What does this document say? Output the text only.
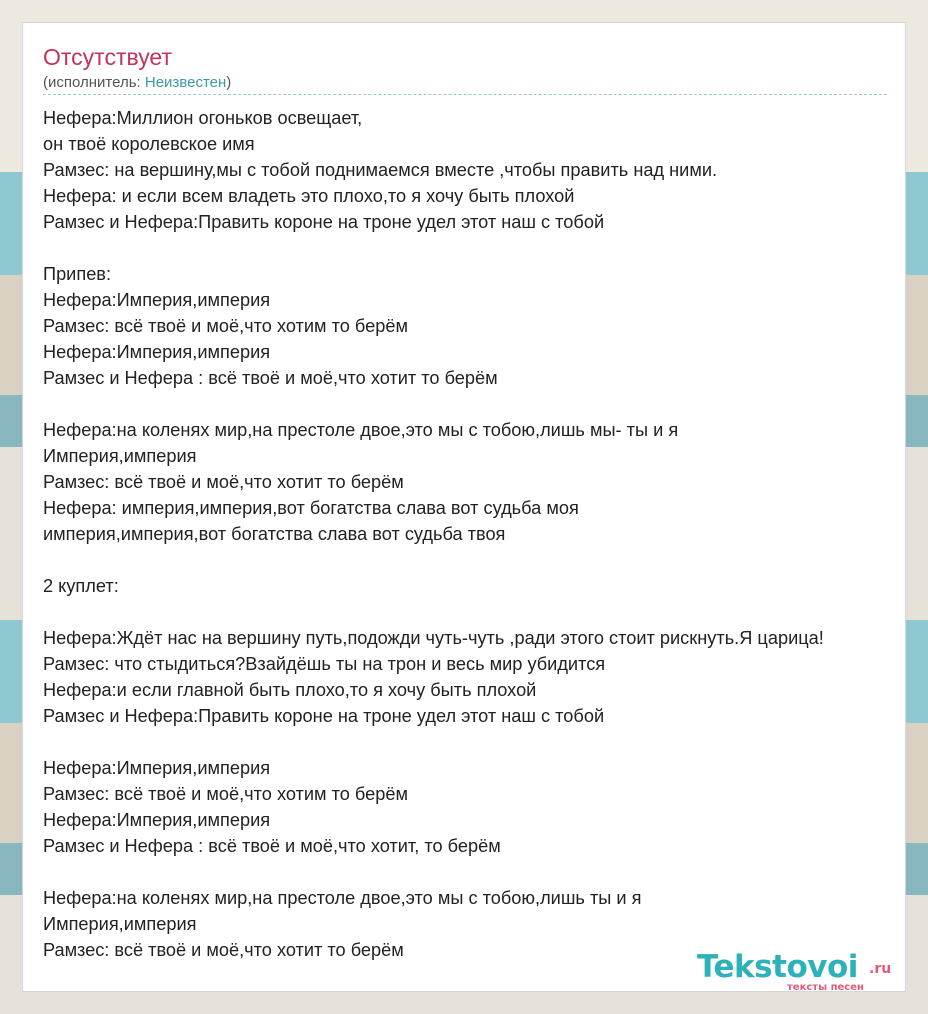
Отсутствует
(исполнитель: Неизвестен)
Нефера:Миллион огоньков освещает,
он твоё королевское имя
Рамзес: на вершину,мы с тобой поднимаемся вместе ,чтобы править над ними.
Нефера: и если всем владеть это плохо,то я хочу быть плохой
Рамзес и Нефера:Править короне на троне удел этот наш с тобой
Припев:
Нефера:Империя,империя
Рамзес: всё твоё и моё,что хотим то берём
Нефера:Империя,империя
Рамзес и Нефера : всё твоё и моё,что хотит то берём
Нефера:на коленях мир,на престоле двое,это мы с тобою,лишь мы- ты и я
Империя,империя
Рамзес: всё твоё и моё,что хотит то берём
Нефера: империя,империя,вот богатства слава вот судьба моя
империя,империя,вот богатства слава вот судьба твоя
2 куплет:
Нефера:Ждёт нас на вершину путь,подожди чуть-чуть ,ради этого стоит рискнуть.Я царица!
Рамзес: что стыдиться?Взайдёшь ты на трон и весь мир убидится
Нефера:и если главной быть плохо,то я хочу быть плохой
Рамзес и Нефера:Править короне на троне удел этот наш с тобой
Нефера:Империя,империя
Рамзес: всё твоё и моё,что хотим то берём
Нефера:Империя,империя
Рамзес и Нефера : всё твоё и моё,что хотит, то берём
Нефера:на коленях мир,на престоле двое,это мы с тобою,лишь ты и я
Империя,империя
Рамзес: всё твоё и моё,что хотит то берём	Tekstovoi .ru
тексты песен
